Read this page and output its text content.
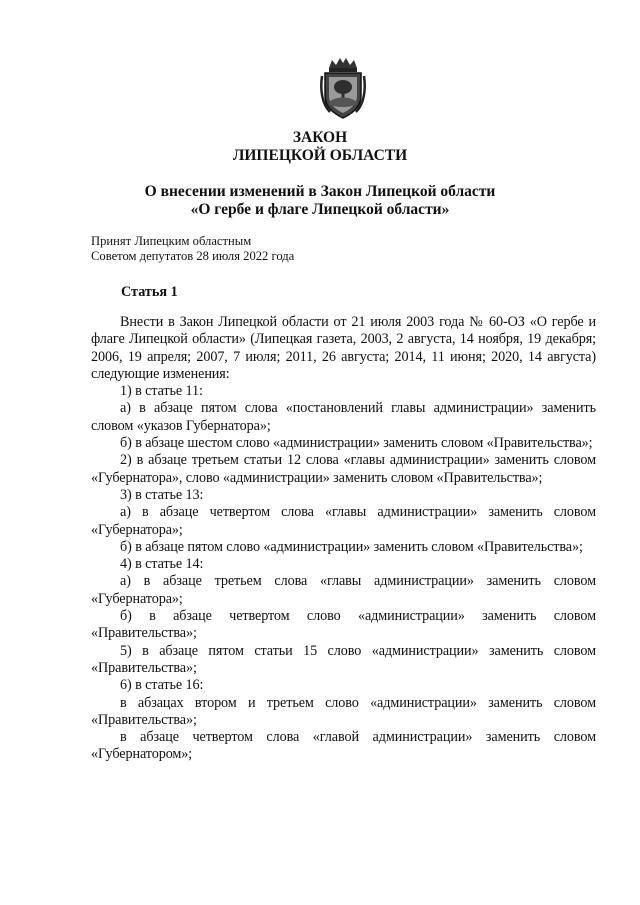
ЗАКОН
ЛИПЕЦКОЙ ОБЛАСТИ
О внесении изменений в Закон Липецкой области
«О гербе и флаге Липецкой области»
Принят Липецким областным
Советом депутатов 28 июля 2022 года
Статья 1

Внести в Закон Липецкой области от 21 июля 2003 года № 60-ОЗ «О гербе и флаге Липецкой области» (Липецкая газета, 2003, 2 августа, 14 ноября, 19 декабря; 2006, 19 апреля; 2007, 7 июля; 2011, 26 августа; 2014, 11 июня; 2020, 14 августа) следующие изменения:

1) в статье 11:

а) в абзаце пятом слова «постановлений главы администрации» заменить словом «указов Губернатора»;

б) в абзаце шестом слово «администрации» заменить словом «Правительства»;

2) в абзаце третьем статьи 12 слова «главы администрации» заменить словом «Губернатора», слово «администрации» заменить словом «Правительства»;

3) в статье 13:

а) в абзаце четвертом слова «главы администрации» заменить словом «Губернатора»;

б) в абзаце пятом слово «администрации» заменить словом «Правительства»;

4) в статье 14:

а) в абзаце третьем слова «главы администрации» заменить словом «Губернатора»;

б) в абзаце четвертом слово «администрации» заменить словом «Правительства»;

5) в абзаце пятом статьи 15 слово «администрации» заменить словом «Правительства»;

6) в статье 16:

в абзацах втором и третьем слово «администрации» заменить словом «Правительства»;

в абзаце четвертом слова «главой администрации» заменить словом «Губернатором»;
